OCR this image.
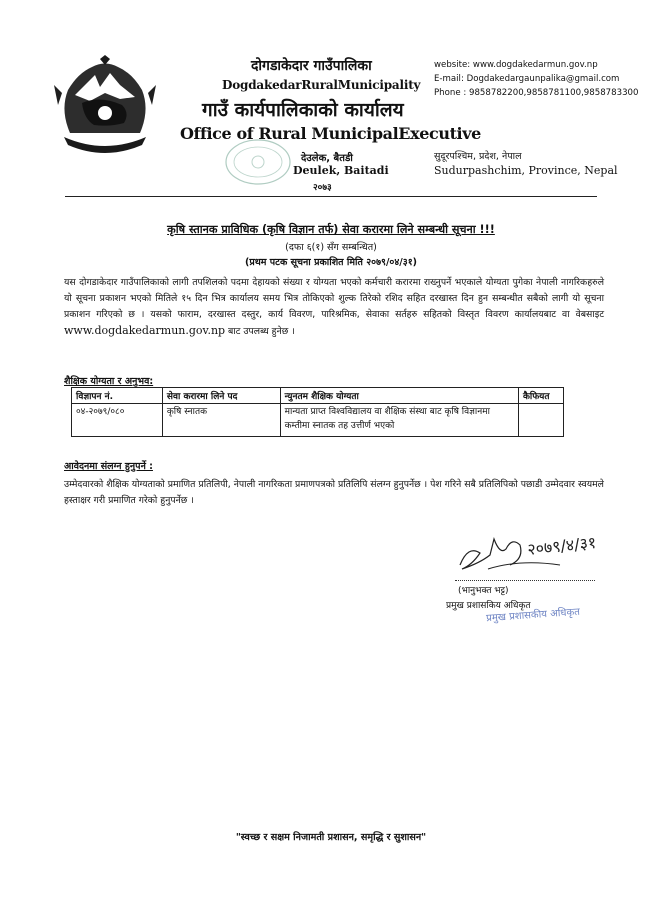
दोगडाकेदार गाउँपालिका
DogdakedarRuralMunicipality
गाउँ कार्यपालिकाको कार्यालय
Office of Rural MunicipalExecutive
देउलेक, बैतडी
Deulek, Baitadi
२०७३
website: www.dogdakedarmun.gov.np
E-mail: Dogdakedargaunpalika@gmail.com
Phone : 9858782200,9858781100,9858783300
सुदूरपश्चिम, प्रदेश, नेपाल
Sudurpashchim, Province, Nepal
कृषि स्तानक प्राविधिक (कृषि विज्ञान तर्फ) सेवा करारमा लिने सम्बन्धी सूचना !!!
(दफा ६(१) सँग सम्बन्धित)
(प्रथम पटक सूचना प्रकाशित मिति २०७९/०४/३१)
यस दोगडाकेदार गाउँपालिकाको लागी तपशिलको पदमा देहायको संख्या र योग्यता भएको कर्मचारी करारमा राख्नुपर्ने भएकाले योग्यता पुगेका नेपाली नागरिकहरुले यो सूचना प्रकाशन भएको मितिले १५ दिन भित्र कार्यालय समय भित्र तोकिएको शुल्क तिरेको रशिद सहित दरखास्त दिन हुन सम्बन्धीत सबैको लागी यो सूचना प्रकाशन गरिएको छ । यसको फाराम, दरखास्त दस्तुर, कार्य विवरण, पारिश्रमिक, सेवाका सर्तहरु सहितको विस्तृत विवरण कार्यालयबाट वा वेबसाइट www.dogdakedarmun.gov.np बाट उपलब्ध हुनेछ ।
शैक्षिक योग्यता र अनुभव:
विज्ञापन नं.	सेवा करारमा लिने पद	न्युनतम शैक्षिक योग्यता	कैफियत
०४-२०७९/०८०	कृषि स्नातक	मान्यता प्राप्त विश्वविद्यालय वा शैक्षिक संस्था बाट कृषि विज्ञानमा कम्तीमा स्नातक तह उत्तीर्ण भएको	
आवेदनमा संलग्न हुनुपर्ने :
उम्मेदवारको शैक्षिक योग्यताको प्रमाणित प्रतिलिपी, नेपाली नागरिकता प्रमाणपत्रको प्रतिलिपि संलग्न हुनुपर्नेछ । पेश गरिने सबै प्रतिलिपिको पछाडी उम्मेदवार स्वयमले हस्ताक्षर गरी प्रमाणित गरेको हुनुपर्नेछ ।
२०७९/४/३१
(भानुभक्त भट्ट)
प्रमुख प्रशासकिय अधिकृत
प्रमुख प्रशासकीय अधिकृत
"स्वच्छ र सक्षम निजामती प्रशासन, समृद्धि र सुशासन"
